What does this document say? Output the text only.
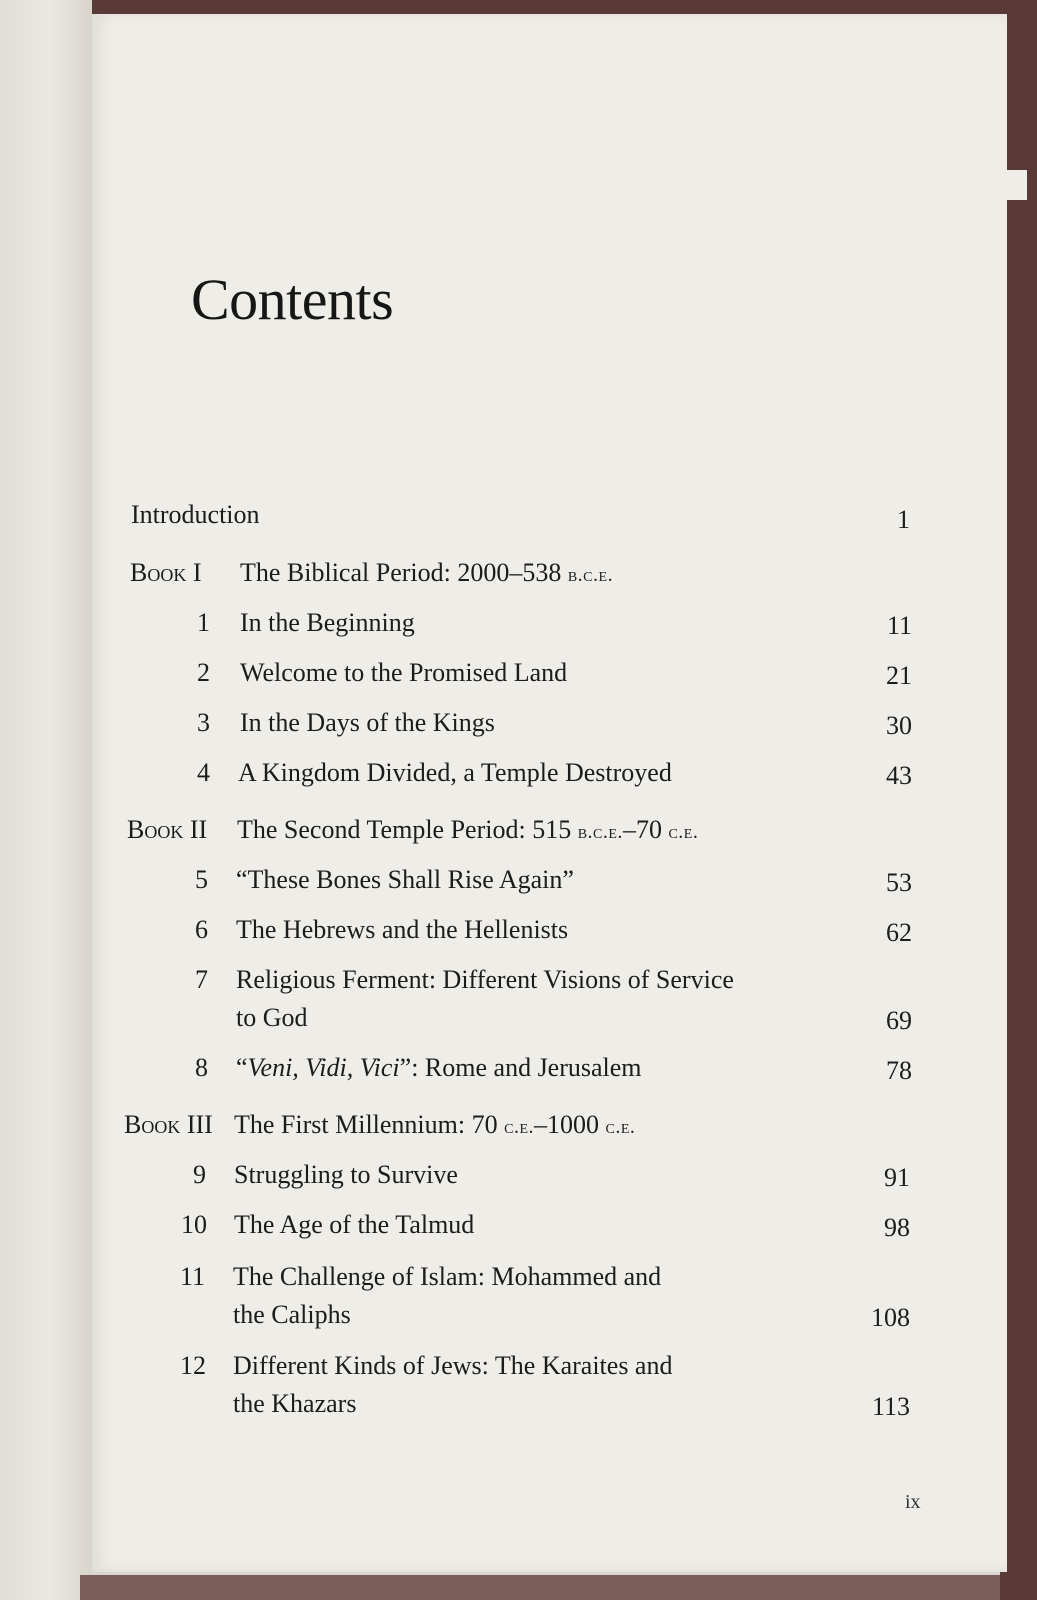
Contents
Introduction	1
Book I The Biblical Period: 2000–538 b.c.e.
1 In the Beginning	11
2 Welcome to the Promised Land	21
3 In the Days of the Kings	30
4 A Kingdom Divided, a Temple Destroyed	43
Book II The Second Temple Period: 515 b.c.e.–70 c.e.
5 “These Bones Shall Rise Again”	53
6 The Hebrews and the Hellenists	62
7 Religious Ferment: Different Visions of Service
to God	69
8 “Veni, Vidi, Vici”: Rome and Jerusalem	78
Book III The First Millennium: 70 c.e.–1000 c.e.
9 Struggling to Survive	91
10 The Age of the Talmud	98
11 The Challenge of Islam: Mohammed and
the Caliphs	108
12 Different Kinds of Jews: The Karaites and
the Khazars	113
ix
